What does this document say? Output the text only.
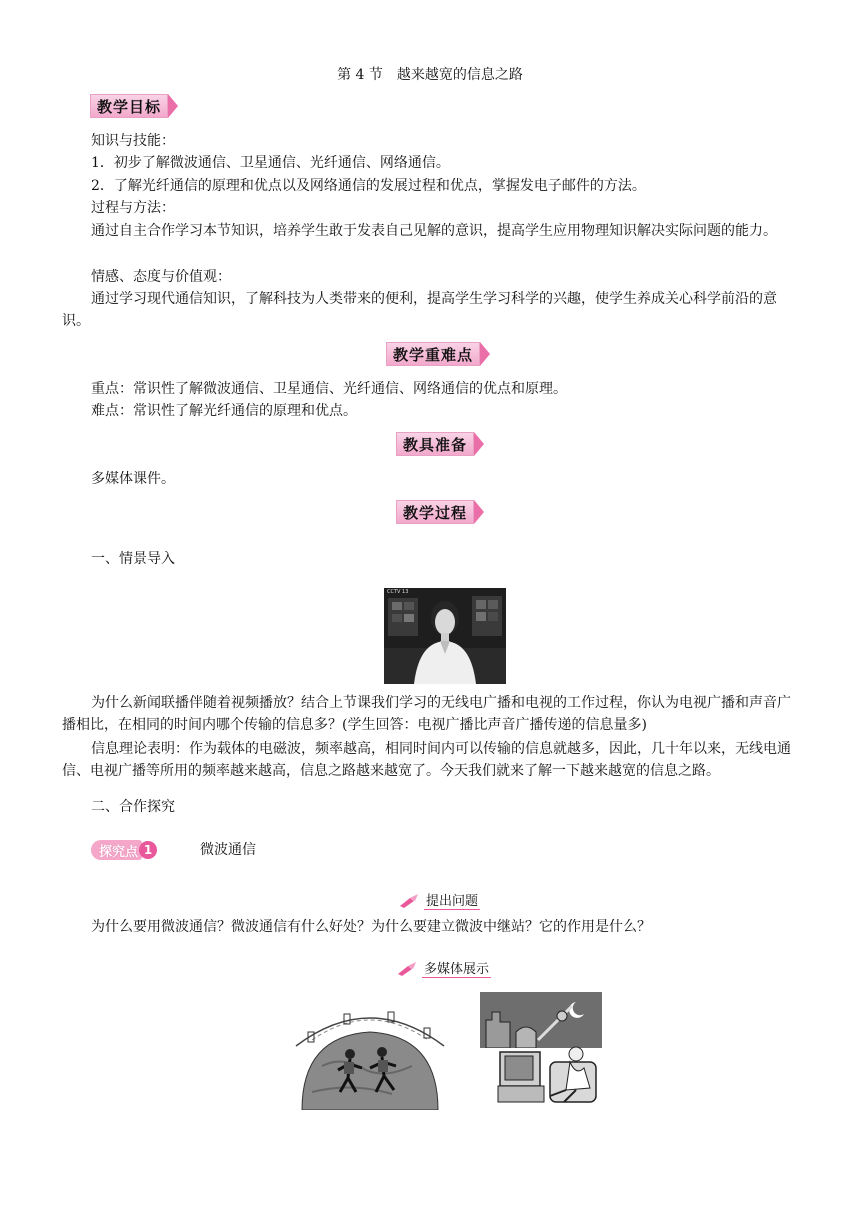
第 4 节　越来越宽的信息之路
教学目标
知识与技能：
1．初步了解微波通信、卫星通信、光纤通信、网络通信。
2．了解光纤通信的原理和优点以及网络通信的发展过程和优点，掌握发电子邮件的方法。
过程与方法：
通过自主合作学习本节知识，培养学生敢于发表自己见解的意识，提高学生应用物理知识解决实际问题的能力。
情感、态度与价值观：
通过学习现代通信知识，了解科技为人类带来的便利，提高学生学习科学的兴趣，使学生养成关心科学前沿的意识。
教学重难点
重点：常识性了解微波通信、卫星通信、光纤通信、网络通信的优点和原理。
难点：常识性了解光纤通信的原理和优点。
教具准备
多媒体课件。
教学过程
一、情景导入
CCTV 13
为什么新闻联播伴随着视频播放？结合上节课我们学习的无线电广播和电视的工作过程，你认为电视广播和声音广播相比，在相同的时间内哪个传输的信息多？(学生回答：电视广播比声音广播传递的信息量多)
信息理论表明：作为载体的电磁波，频率越高，相同时间内可以传输的信息就越多，因此，几十年以来，无线电通信、电视广播等所用的频率越来越高，信息之路越来越宽了。今天我们就来了解一下越来越宽的信息之路。
二、合作探究
探究点 1	微波通信
提出问题
为什么要用微波通信？微波通信有什么好处？为什么要建立微波中继站？它的作用是什么？
多媒体展示
